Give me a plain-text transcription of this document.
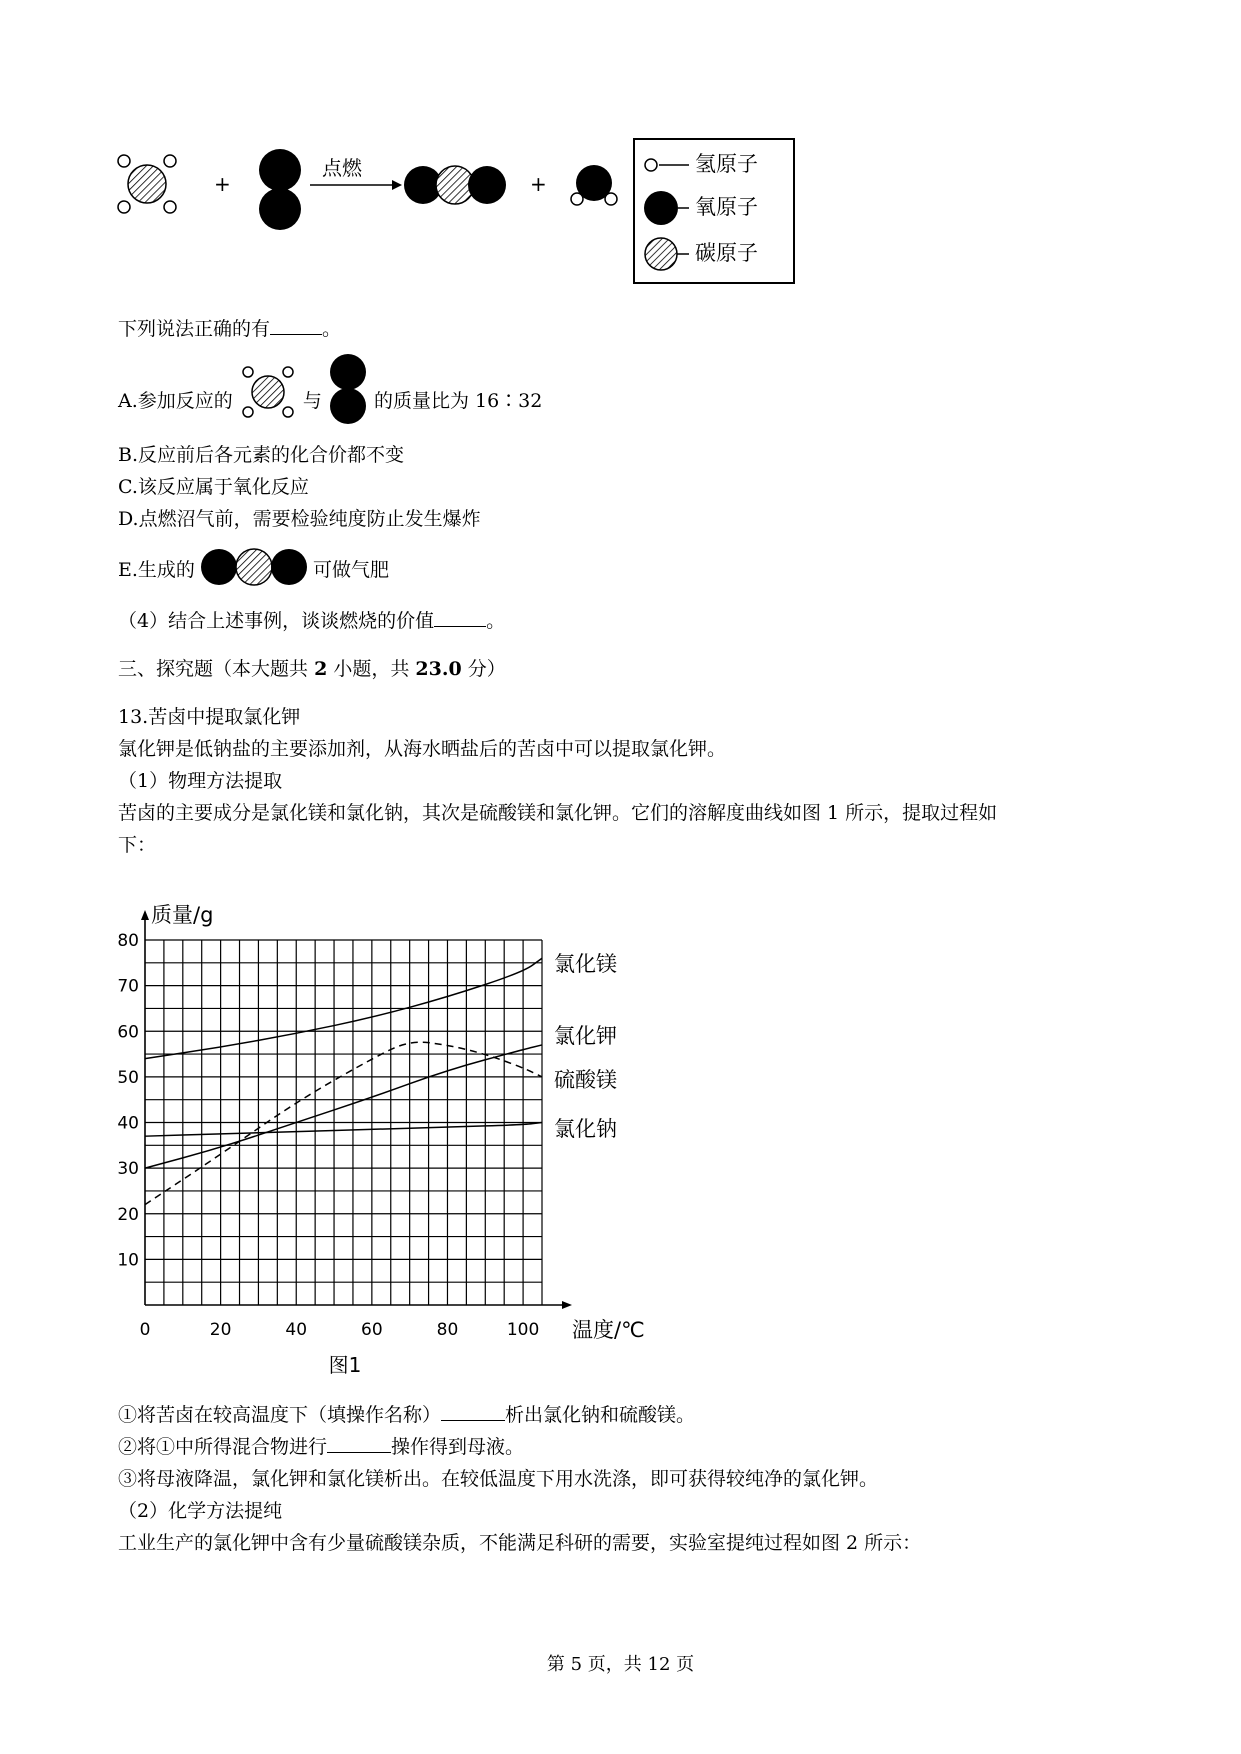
+
点燃
+
氢原子
氧原子
碳原子
下列说法正确的有	。
A.参加反应的	与	的质量比为 16∶32
B.反应前后各元素的化合价都不变
C.该反应属于氧化反应
D.点燃沼气前，需要检验纯度防止发生爆炸
E.生成的	可做气肥
（4）结合上述事例，谈谈燃烧的价值	。
三、探究题（本大题共 2 小题，共 23.0 分）
13.苦卤中提取氯化钾
氯化钾是低钠盐的主要添加剂，从海水晒盐后的苦卤中可以提取氯化钾。
（1）物理方法提取
苦卤的主要成分是氯化镁和氯化钠，其次是硫酸镁和氯化钾。它们的溶解度曲线如图 1 所示，提取过程如
下：
10
20
30
40
50
60
70
80
0	20	40	60	80	100
质量/g
温度/℃
图1
氯化镁
氯化钾
硫酸镁
氯化钠
①将苦卤在较高温度下（填操作名称）	析出氯化钠和硫酸镁。
②将①中所得混合物进行	操作得到母液。
③将母液降温，氯化钾和氯化镁析出。在较低温度下用水洗涤，即可获得较纯净的氯化钾。
（2）化学方法提纯
工业生产的氯化钾中含有少量硫酸镁杂质，不能满足科研的需要，实验室提纯过程如图 2 所示：
第 5 页，共 12 页
